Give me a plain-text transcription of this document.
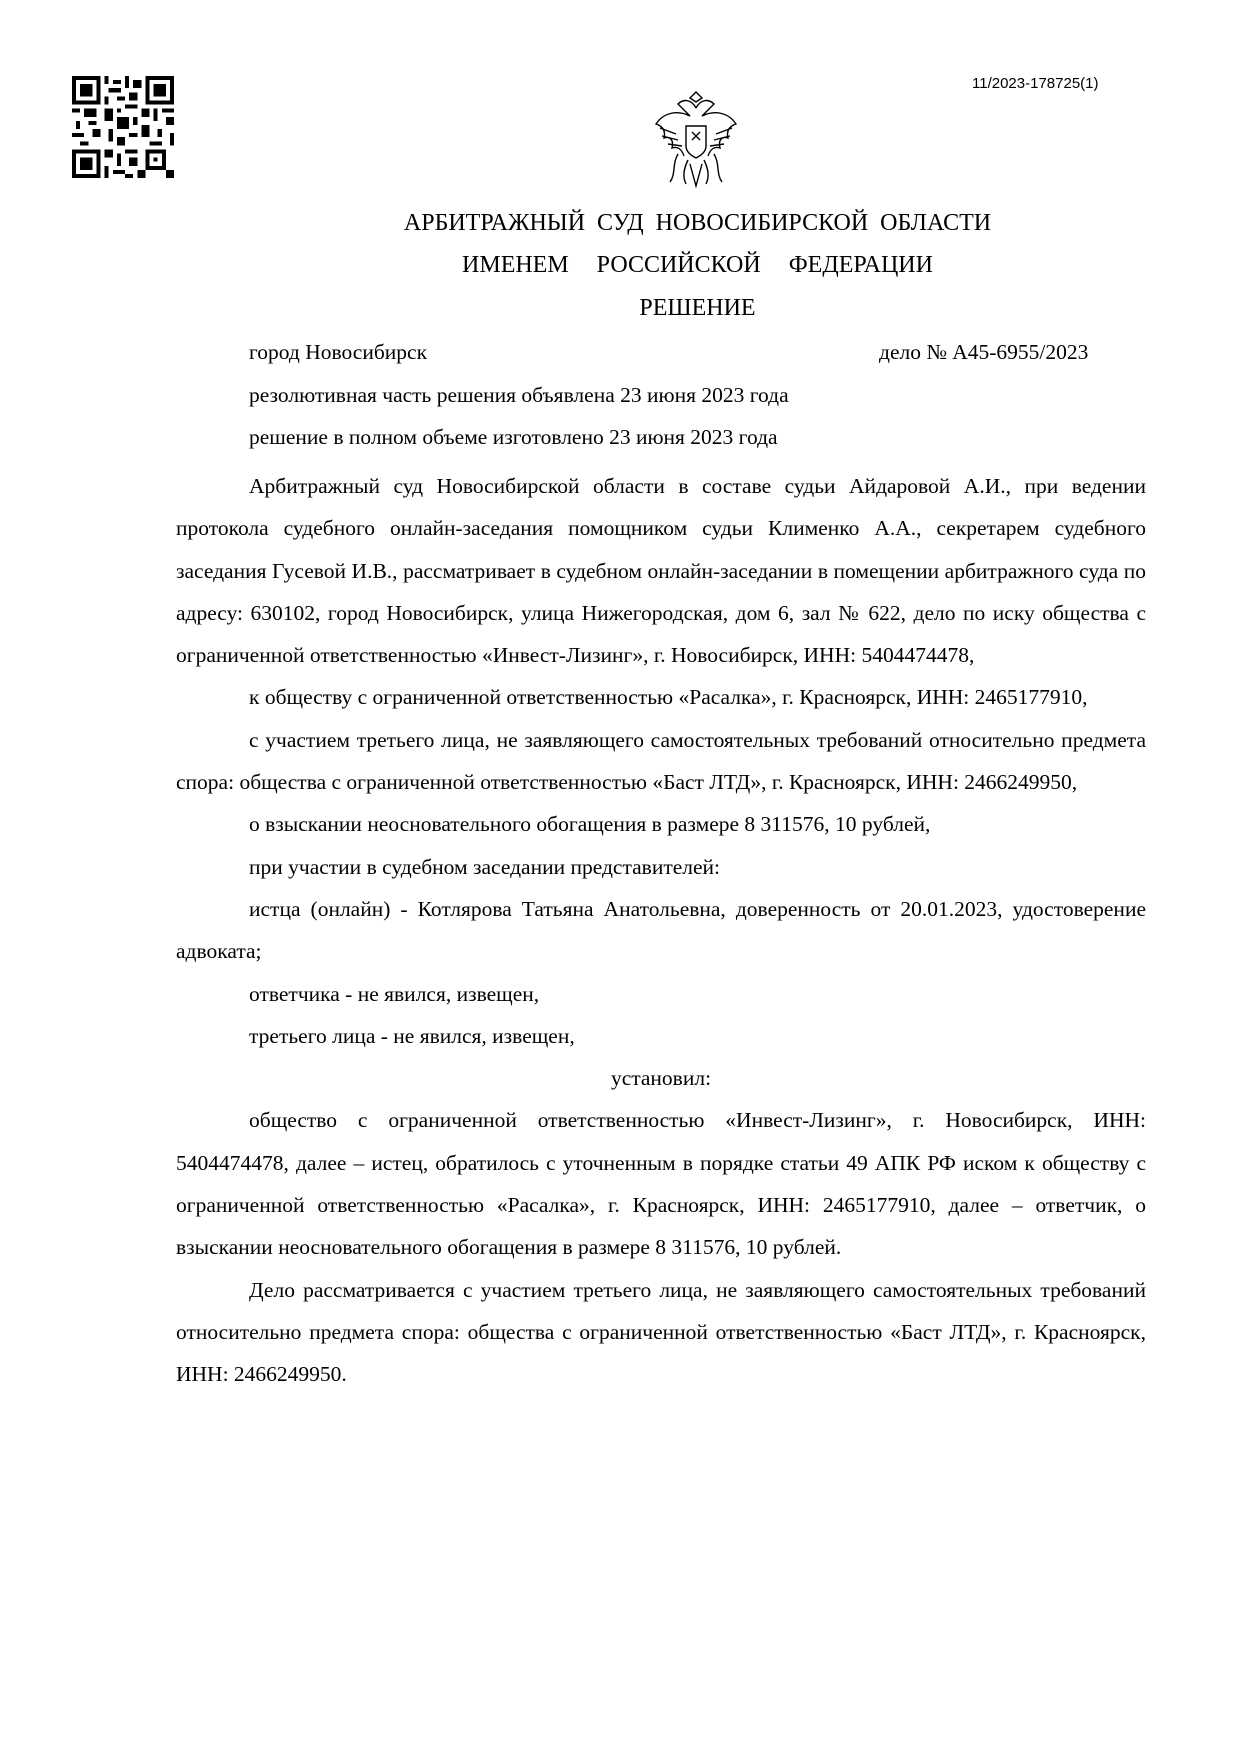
11/2023-178725(1)
АРБИТРАЖНЫЙ СУД НОВОСИБИРСКОЙ ОБЛАСТИ
ИМЕНЕМ РОССИЙСКОЙ ФЕДЕРАЦИИ
РЕШЕНИЕ
город Новосибирск	дело № А45-6955/2023
резолютивная часть решения объявлена 23 июня 2023 года
решение в полном объеме изготовлено 23 июня 2023 года

Арбитражный суд Новосибирской области в составе судьи Айдаровой А.И., при ведении протокола судебного онлайн-заседания помощником судьи Клименко А.А., секретарем судебного заседания Гусевой И.В., рассматривает в судебном онлайн-заседании в помещении арбитражного суда по адресу: 630102, город Новосибирск, улица Нижегородская, дом 6, зал № 622, дело по иску общества с ограниченной ответственностью «Инвест-Лизинг», г. Новосибирск, ИНН: 5404474478,

к обществу с ограниченной ответственностью «Расалка», г. Красноярск, ИНН: 2465177910,

с участием третьего лица, не заявляющего самостоятельных требований относительно предмета спора: общества с ограниченной ответственностью «Баст ЛТД», г. Красноярск, ИНН: 2466249950,

о взыскании неосновательного обогащения в размере 8 311576, 10 рублей,

при участии в судебном заседании представителей:

истца (онлайн) - Котлярова Татьяна Анатольевна, доверенность от 20.01.2023, удостоверение адвоката;

ответчика - не явился, извещен,

третьего лица - не явился, извещен,

установил:

общество с ограниченной ответственностью «Инвест-Лизинг», г. Новосибирск, ИНН: 5404474478, далее – истец, обратилось с уточненным в порядке статьи 49 АПК РФ иском к обществу с ограниченной ответственностью «Расалка», г. Красноярск, ИНН: 2465177910, далее – ответчик, о взыскании неосновательного обогащения в размере 8 311576, 10 рублей.

Дело рассматривается с участием третьего лица, не заявляющего самостоятельных требований относительно предмета спора: общества с ограниченной ответственностью «Баст ЛТД», г. Красноярск, ИНН: 2466249950.
